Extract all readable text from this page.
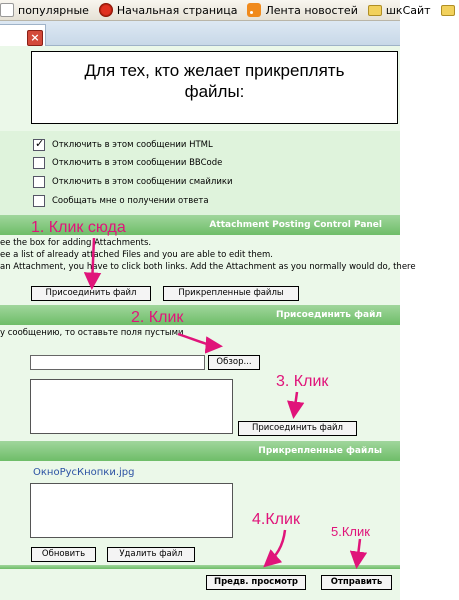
популярные	Начальная страница	Лента новостей	шкСайт
×
Для тех, кто желает прикреплять
файлы:
✓
Отключить в этом сообщении HTML
Отключить в этом сообщении BBCode
Отключить в этом сообщении смайлики
Сообщать мне о получении ответа
Attachment Posting Control Panel
ee the box for adding Attachments.
ee a list of already attached Files and you are able to edit them.
an Attachment, you have to click both links. Add the Attachment as you normally would do, there
Присоединить файл	Прикрепленные файлы
Присоединить файл
у сообщению, то оставьте поля пустыми
Обзор...
Присоединить файл
Прикрепленные файлы
ОкноРусКнопки.jpg
Обновить	Удалить файл
Предв. просмотр	Отправить
1. Клик сюда
2. Клик
3. Клик
4.Клик
5.Клик
